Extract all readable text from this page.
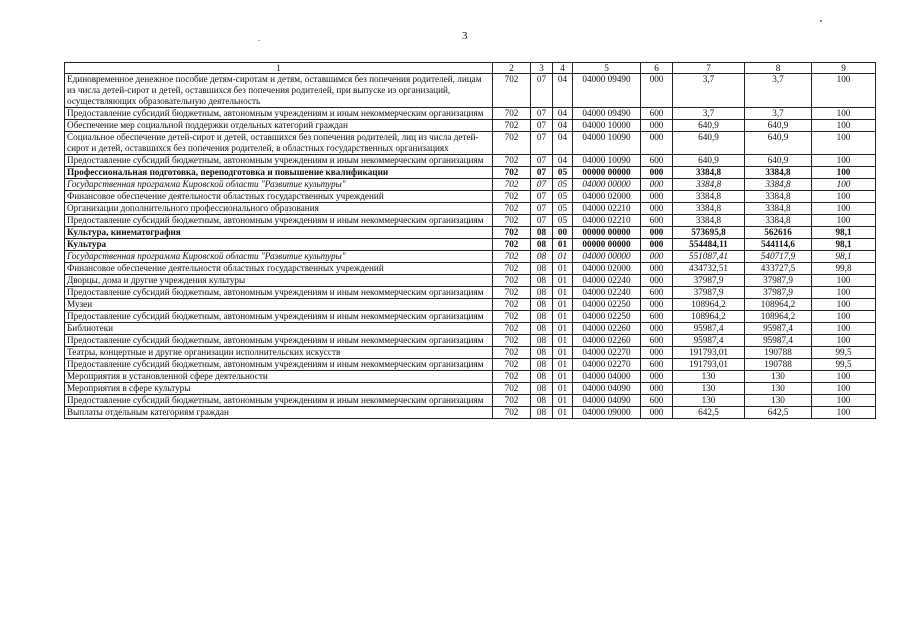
3
1	2	3	4	5	6	7	8	9
Единовременное денежное пособие детям-сиротам и детям, оставшимся без попечения родителей, лицам из числа детей-сирот и детей, оставшихся без попечения родителей, при выпуске из организаций, осуществляющих образовательную деятельность	702	07	04	04000 09490	000	3,7	3,7	100
Предоставление субсидий бюджетным, автономным учреждениям и иным некоммерческим организациям	702	07	04	04000 09490	600	3,7	3,7	100
Обеспечение мер социальной поддержки отдельных категорий граждан	702	07	04	04000 10000	000	640,9	640,9	100
Социальное обеспечение детей-сирот и детей, оставшихся без попечения родителей, лиц из числа детей-сирот и детей, оставшихся без попечения родителей, в областных государственных организациях	702	07	04	04000 10090	000	640,9	640,9	100
Предоставление субсидий бюджетным, автономным учреждениям и иным некоммерческим организациям	702	07	04	04000 10090	600	640,9	640,9	100
Профессиональная подготовка, переподготовка и повышение квалификации	702	07	05	00000 00000	000	3384,8	3384,8	100
Государственная программа Кировской области "Развитие культуры"	702	07	05	04000 00000	000	3384,8	3384,8	100
Финансовое обеспечение деятельности областных государственных учреждений	702	07	05	04000 02000	000	3384,8	3384,8	100
Организации дополнительного профессионального образования	702	07	05	04000 02210	000	3384,8	3384,8	100
Предоставление субсидий бюджетным, автономным учреждениям и иным некоммерческим организациям	702	07	05	04000 02210	600	3384,8	3384,8	100
Культура, кинематография	702	08	00	00000 00000	000	573695,8	562616	98,1
Культура	702	08	01	00000 00000	000	554484,11	544114,6	98,1
Государственная программа Кировской области "Развитие культуры"	702	08	01	04000 00000	000	551087,41	540717,9	98,1
Финансовое обеспечение деятельности областных государственных учреждений	702	08	01	04000 02000	000	434732,51	433727,5	99,8
Дворцы, дома и другие учреждения культуры	702	08	01	04000 02240	000	37987,9	37987,9	100
Предоставление субсидий бюджетным, автономным учреждениям и иным некоммерческим организациям	702	08	01	04000 02240	600	37987,9	37987,9	100
Музеи	702	08	01	04000 02250	000	108964,2	108964,2	100
Предоставление субсидий бюджетным, автономным учреждениям и иным некоммерческим организациям	702	08	01	04000 02250	600	108964,2	108964,2	100
Библиотеки	702	08	01	04000 02260	000	95987,4	95987,4	100
Предоставление субсидий бюджетным, автономным учреждениям и иным некоммерческим организациям	702	08	01	04000 02260	600	95987,4	95987,4	100
Театры, концертные и другие организации исполнительских искусств	702	08	01	04000 02270	000	191793,01	190788	99,5
Предоставление субсидий бюджетным, автономным учреждениям и иным некоммерческим организациям	702	08	01	04000 02270	600	191793,01	190788	99,5
Мероприятия в установленной сфере деятельности	702	08	01	04000 04000	000	130	130	100
Мероприятия в сфере культуры	702	08	01	04000 04090	000	130	130	100
Предоставление субсидий бюджетным, автономным учреждениям и иным некоммерческим организациям	702	08	01	04000 04090	600	130	130	100
Выплаты отдельным категориям граждан	702	08	01	04000 09000	000	642,5	642,5	100
